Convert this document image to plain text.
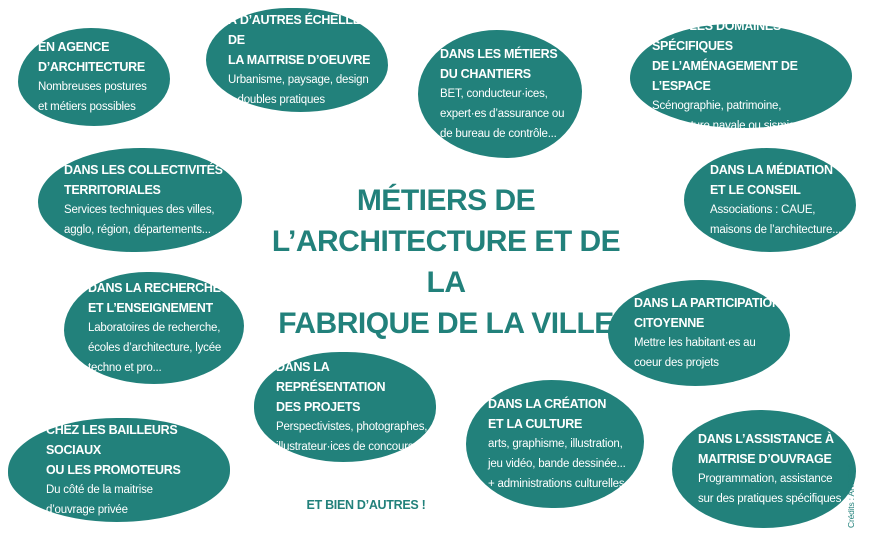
EN AGENCE
D’ARCHITECTURE
Nombreuses postures
et métiers possibles
À D’AUTRES ÉCHELLES DE
LA MAITRISE D’OEUVRE
Urbanisme, paysage, design
+ doubles pratiques
DANS LES MÉTIERS
DU CHANTIERS
BET, conducteur·ices,
expert·es d’assurance ou
de bureau de contrôle...
DANS LES DOMAINES SPÉCIFIQUES
DE L’AMÉNAGEMENT DE L’ESPACE
Scénographie, patrimoine,
architecture navale ou sismique...
DANS LES COLLECTIVITÉS
TERRITORIALES
Services techniques des villes,
agglo, région, départements...
DANS LA MÉDIATION
ET LE CONSEIL
Associations : CAUE,
maisons de l’architecture...
DANS LA RECHERCHE
ET L’ENSEIGNEMENT
Laboratoires de recherche,
écoles d’architecture, lycée
techno et pro...
DANS LA PARTICIPATION
CITOYENNE
Mettre les habitant·es au
coeur des projets
DANS LA REPRÉSENTATION
DES PROJETS
Perspectivistes, photographes,
illustrateur·ices de concours
DANS LA CRÉATION
ET LA CULTURE
arts, graphisme, illustration,
jeu vidéo, bande dessinée...
+ administrations culturelles
CHEZ LES BAILLEURS SOCIAUX
OU LES PROMOTEURS
Du côté de la maitrise
d’ouvrage privée
DANS L’ASSISTANCE À
MAITRISE D’OUVRAGE
Programmation, assistance
sur des pratiques spécifiques
MÉTIERS DE
L’ARCHITECTURE ET DE LA
FABRIQUE DE LA VILLE
ET BIEN D’AUTRES !	Crédits : ARDEPA
